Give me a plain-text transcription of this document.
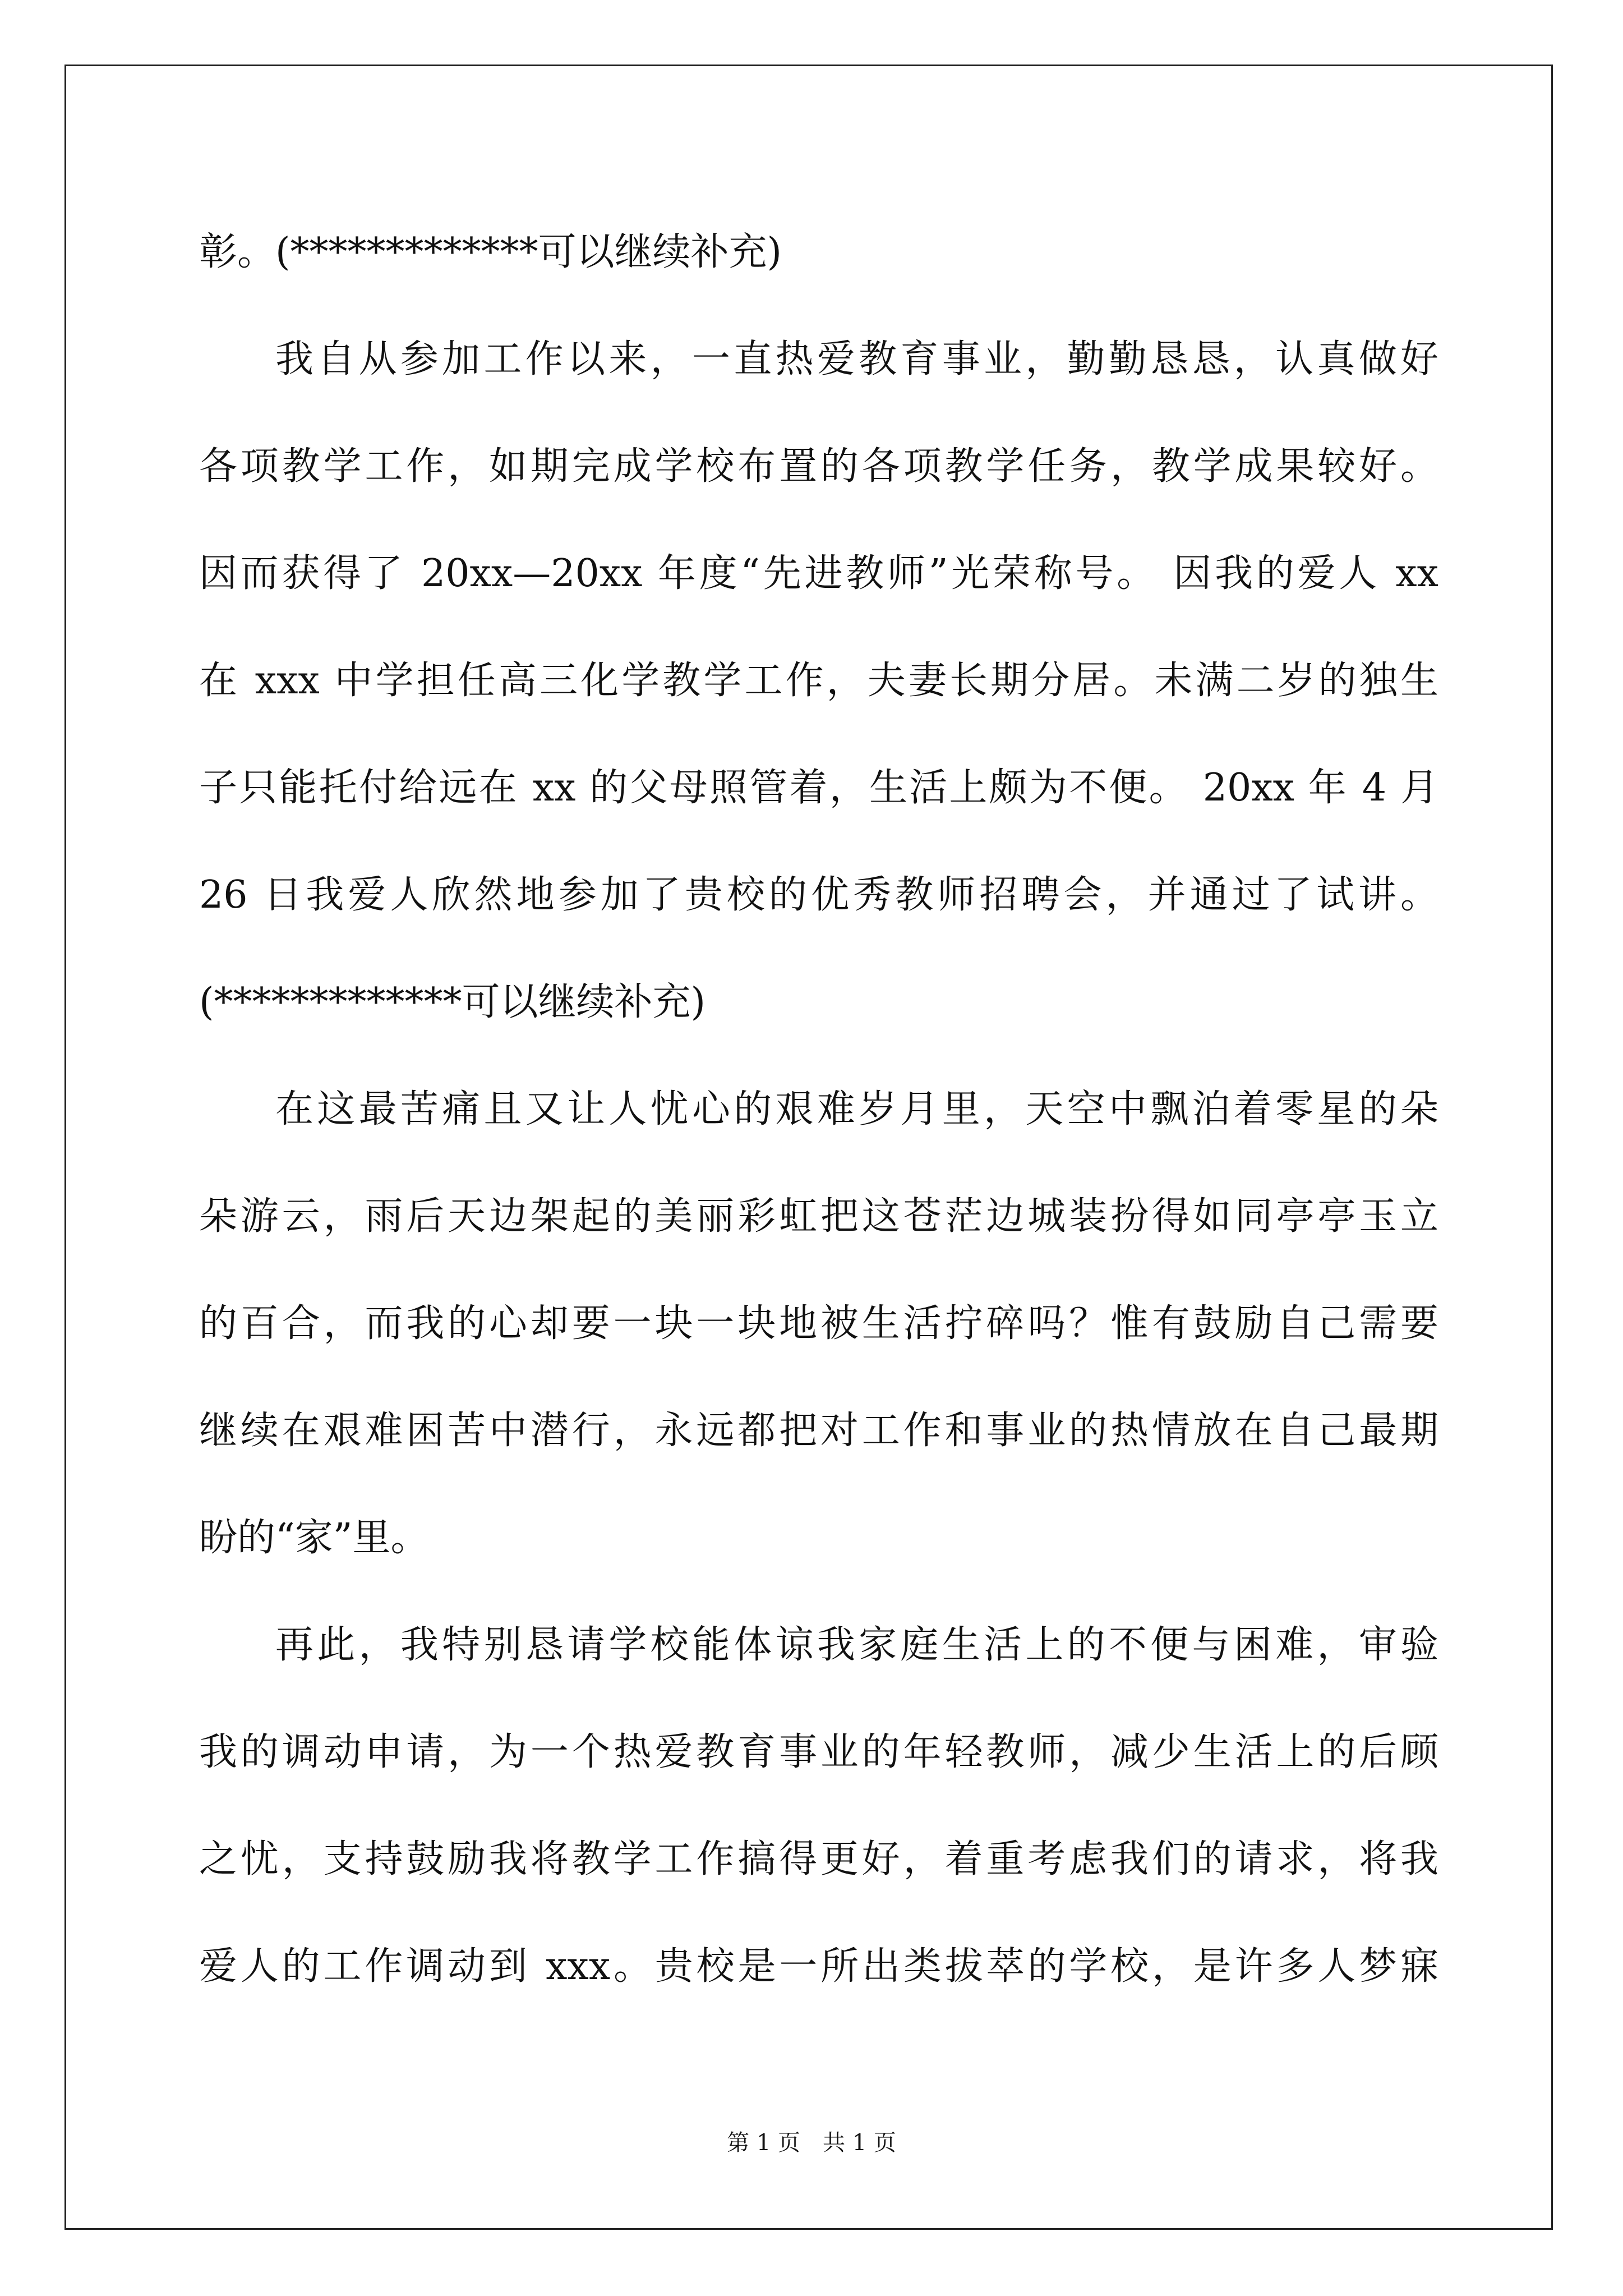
彰。(*************可以继续补充)
我自从参加工作以来，一直热爱教育事业，勤勤恳恳，认真做好
各项教学工作，如期完成学校布置的各项教学任务，教学成果较好。
因而获得了 20xx—20xx 年度“先进教师”光荣称号。 因我的爱人 xx
在 xxx 中学担任高三化学教学工作，夫妻长期分居。未满二岁的独生
子只能托付给远在 xx 的父母照管着，生活上颇为不便。 20xx 年 4 月
26 日我爱人欣然地参加了贵校的优秀教师招聘会，并通过了试讲。
(*************可以继续补充)
在这最苦痛且又让人忧心的艰难岁月里，天空中飘泊着零星的朵
朵游云，雨后天边架起的美丽彩虹把这苍茫边城装扮得如同亭亭玉立
的百合，而我的心却要一块一块地被生活拧碎吗？惟有鼓励自己需要
继续在艰难困苦中潜行，永远都把对工作和事业的热情放在自己最期
盼的“家”里。
再此，我特别恳请学校能体谅我家庭生活上的不便与困难，审验
我的调动申请，为一个热爱教育事业的年轻教师，减少生活上的后顾
之忧，支持鼓励我将教学工作搞得更好，着重考虑我们的请求，将我
爱人的工作调动到 xxx。贵校是一所出类拔萃的学校，是许多人梦寐
第 1 页　共 1 页
